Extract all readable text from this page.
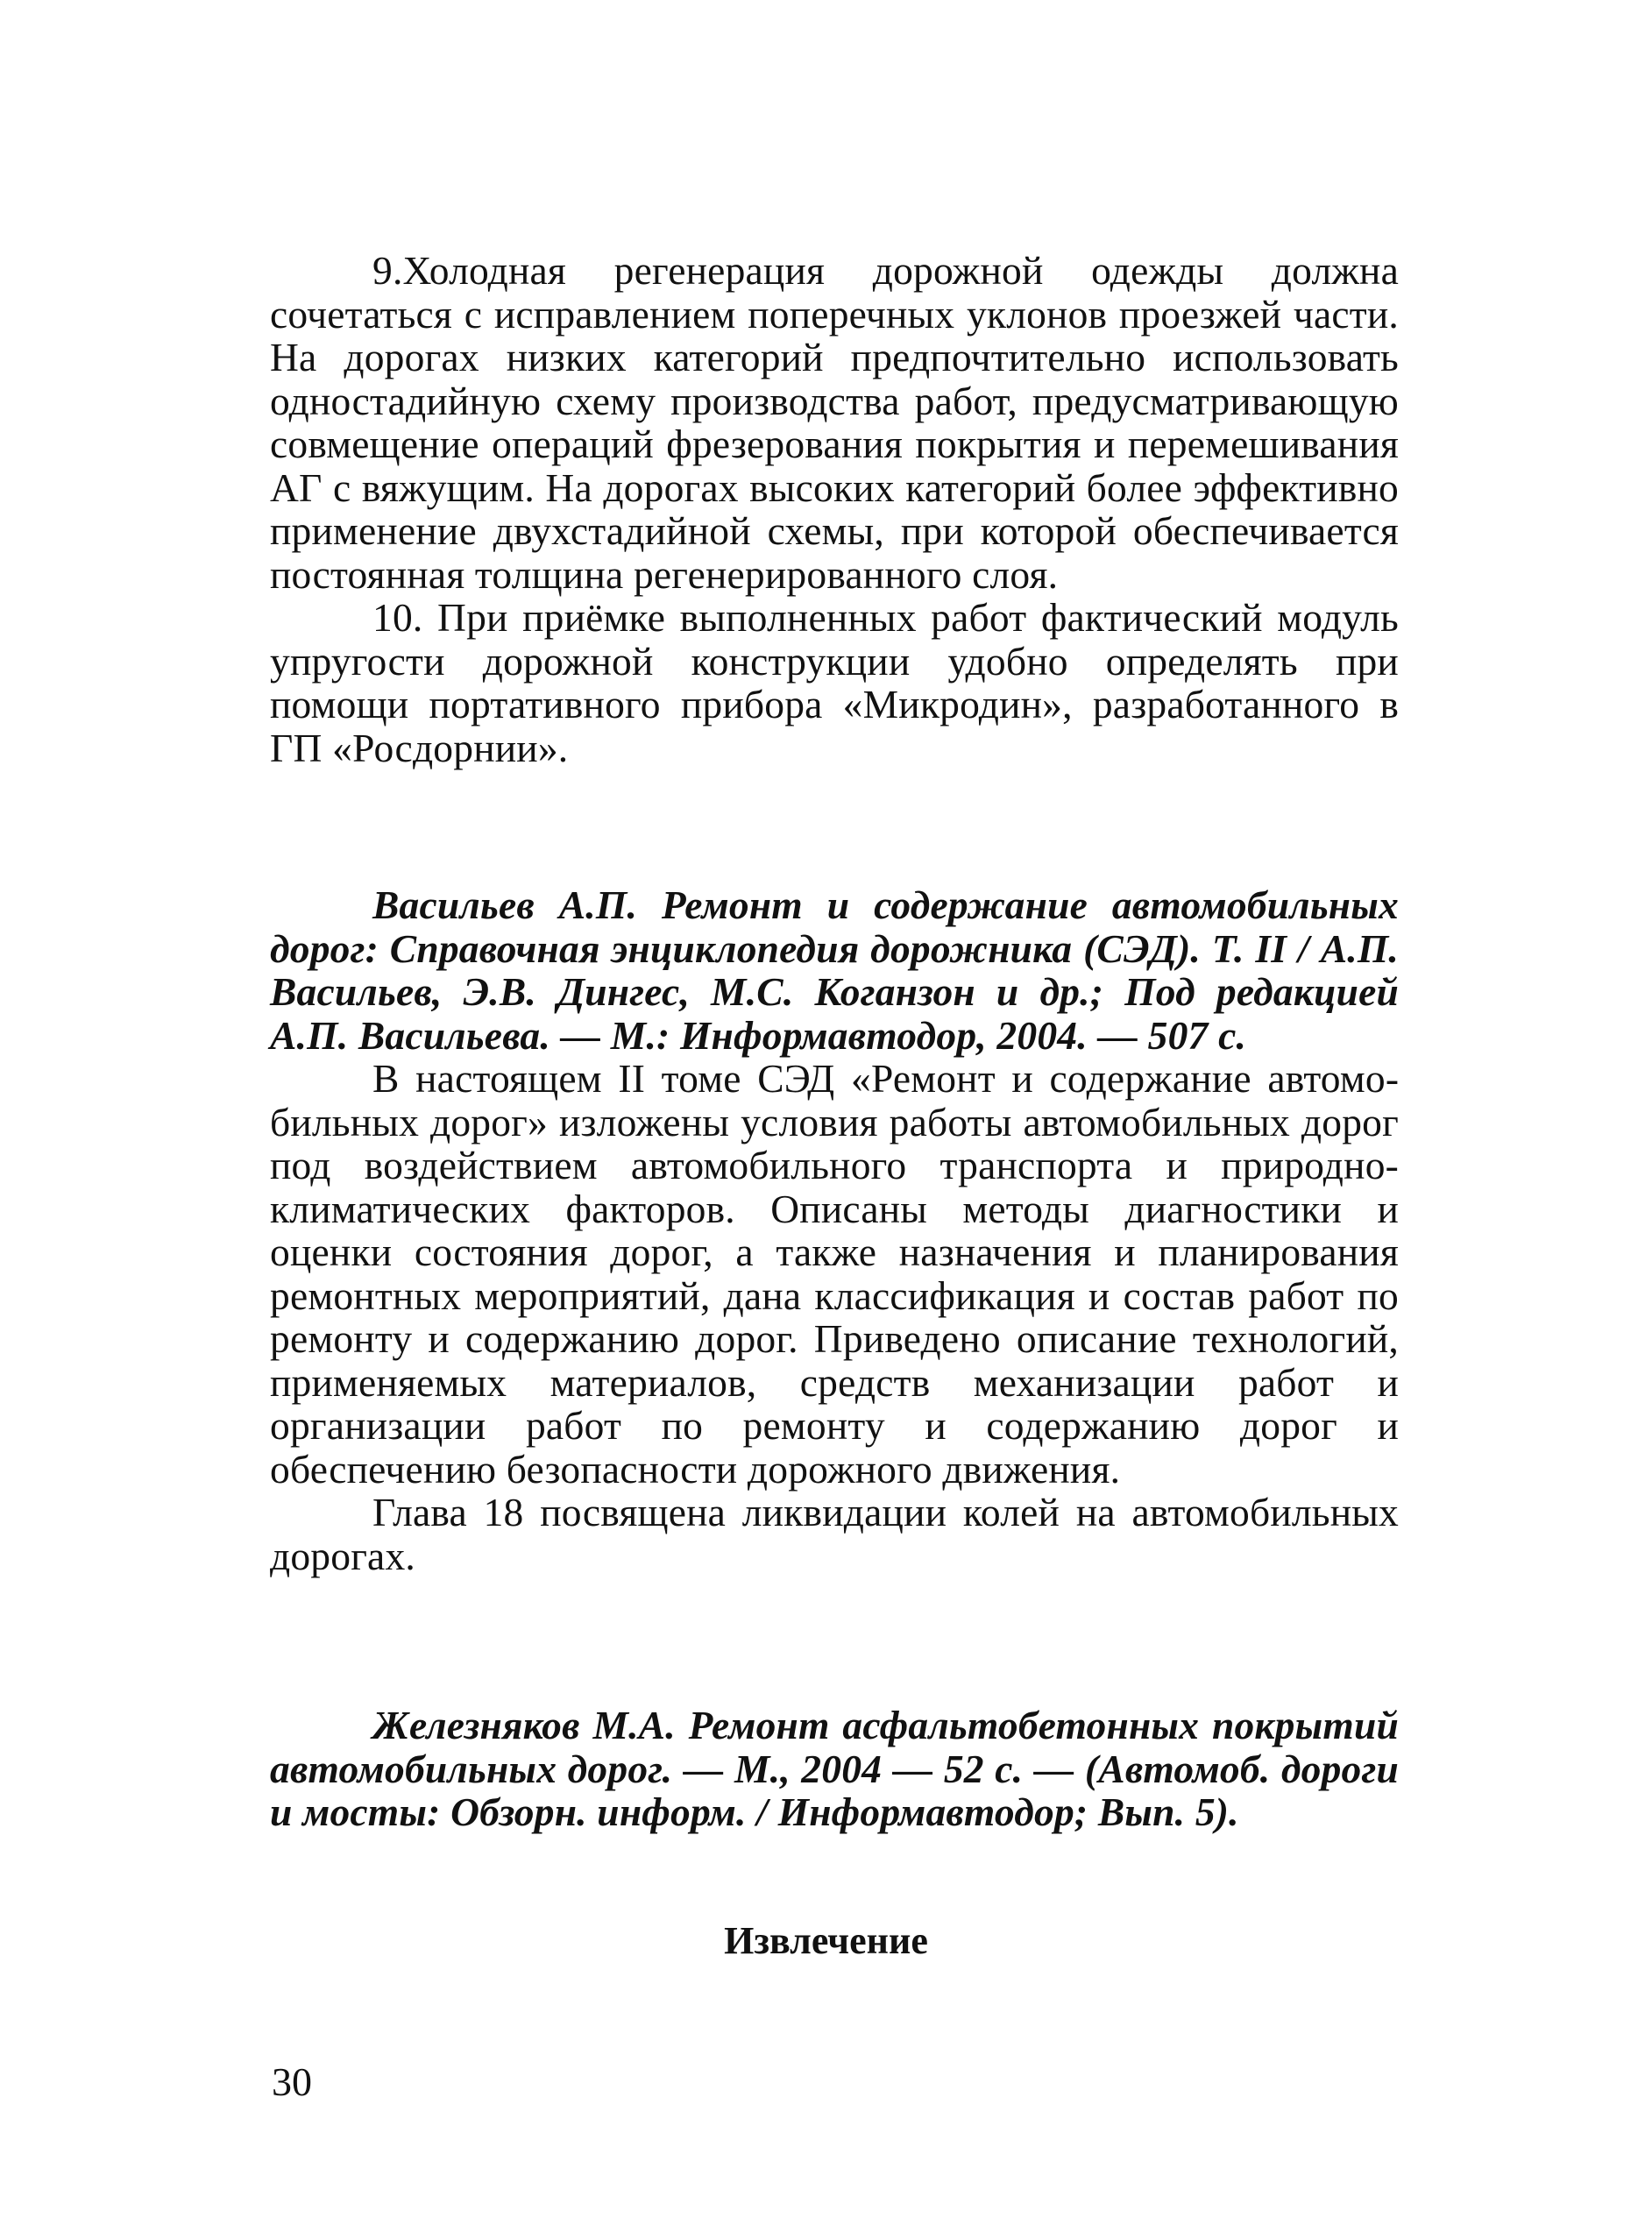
9.Холодная регенерация дорожной одежды должна сочетаться с исправлением поперечных уклонов проезжей части. На дорогах низких категорий предпочтительно использовать одностадийную схему производства работ, предусматривающую совмещение операций фрезерования покрытия и перемешивания АГ с вяжущим. На дорогах высоких категорий более эффективно применение двухстадийной схемы, при которой обеспечивается постоянная толщина регенерированного слоя.

10. При приёмке выполненных работ фактический модуль упругости дорожной конструкции удобно определять при помощи портативного прибора «Микродин», разработанного в ГП «Росдорнии».

Васильев А.П. Ремонт и содержание автомобильных дорог: Справочная энциклопедия дорожника (СЭД). Т. II / А.П. Васильев, Э.В. Дингес, М.С. Коганзон и др.; Под редакцией А.П. Васильева. — М.: Информавтодор, 2004. — 507 с.

В настоящем II томе СЭД «Ремонт и содержание автомобильных дорог» изложены условия работы автомобильных дорог под воздействием автомобильного транспорта и природно-климатических факторов. Описаны методы диагностики и оценки состояния дорог, а также назначения и планирования ремонтных мероприятий, дана классификация и состав работ по ремонту и содержанию дорог. Приведено описание технологий, применяемых материалов, средств механизации работ и организации работ по ремонту и содержанию дорог и обеспечению безопасности дорожного движения.

Глава 18 посвящена ликвидации колей на автомобильных дорогах.

Железняков М.А. Ремонт асфальтобетонных покрытий автомобильных дорог. — М., 2004 — 52 с. — (Автомоб. дороги и мосты: Обзорн. информ. / Информавтодор; Вып. 5).

Извлечение
30
